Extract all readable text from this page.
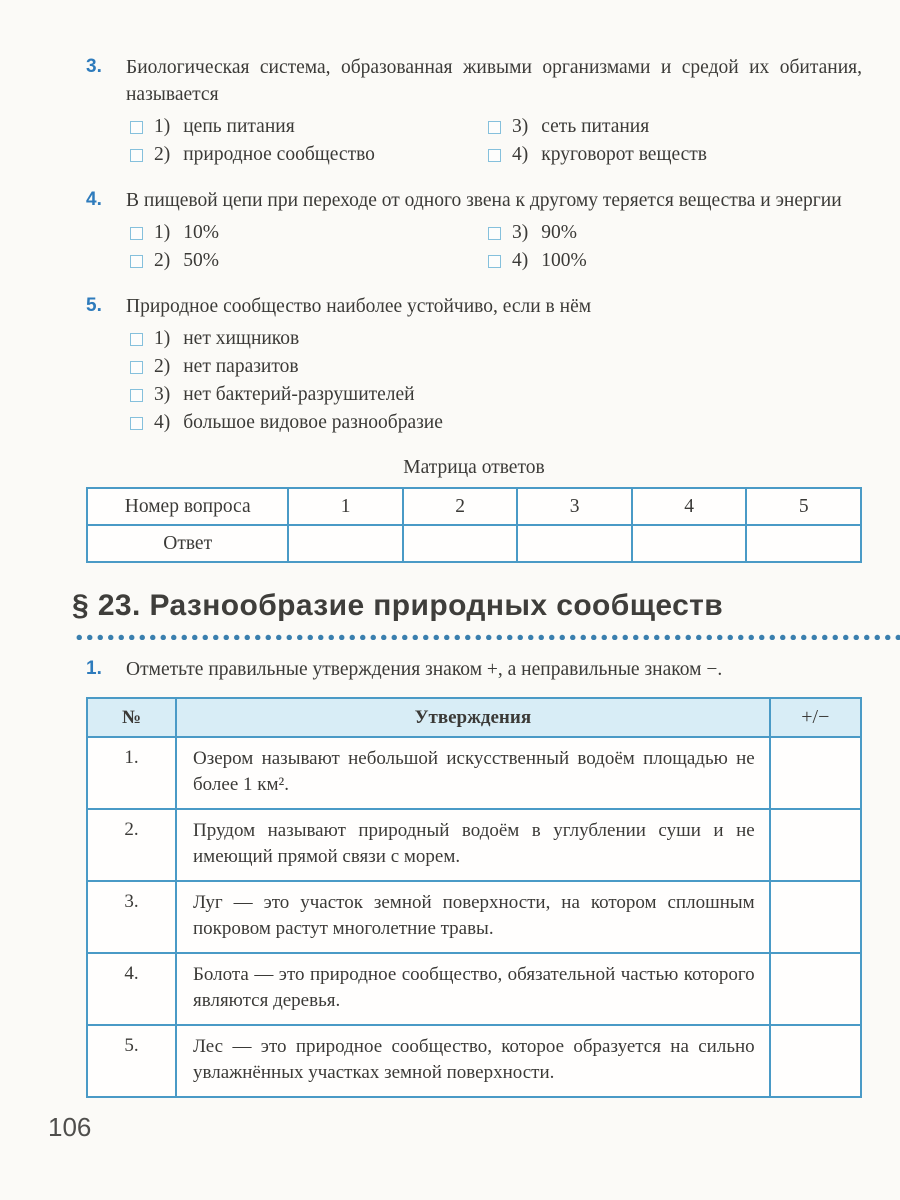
3.	Биологическая система, образованная живыми организмами и средой их обитания, называется

1) цепь питания
2) природное сообщество
3) сеть питания
4) круговорот веществ
4.	В пищевой цепи при переходе от одного звена к другому теряется вещества и энергии

1) 10%
2) 50%
3) 90%
4) 100%
5.	Природное сообщество наиболее устойчиво, если в нём

1) нет хищников
2) нет паразитов
3) нет бактерий-разрушителей
4) большое видовое разнообразие
Матрица ответов
Номер вопроса	1	2	3	4	5
Ответ					
§ 23. Разнообразие природных сообществ
1.	Отметьте правильные утверждения знаком +, а неправильные знаком −.

№	Утверждения	+/−
1.	Озером называют небольшой искусственный водоём площадью не более 1 км².	
2.	Прудом называют природный водоём в углублении суши и не имеющий прямой связи с морем.	
3.	Луг — это участок земной поверхности, на котором сплошным покровом растут многолетние травы.	
4.	Болота — это природное сообщество, обязательной частью которого являются деревья.	
5.	Лес — это природное сообщество, которое образуется на сильно увлажнённых участках земной поверхности.	
106
